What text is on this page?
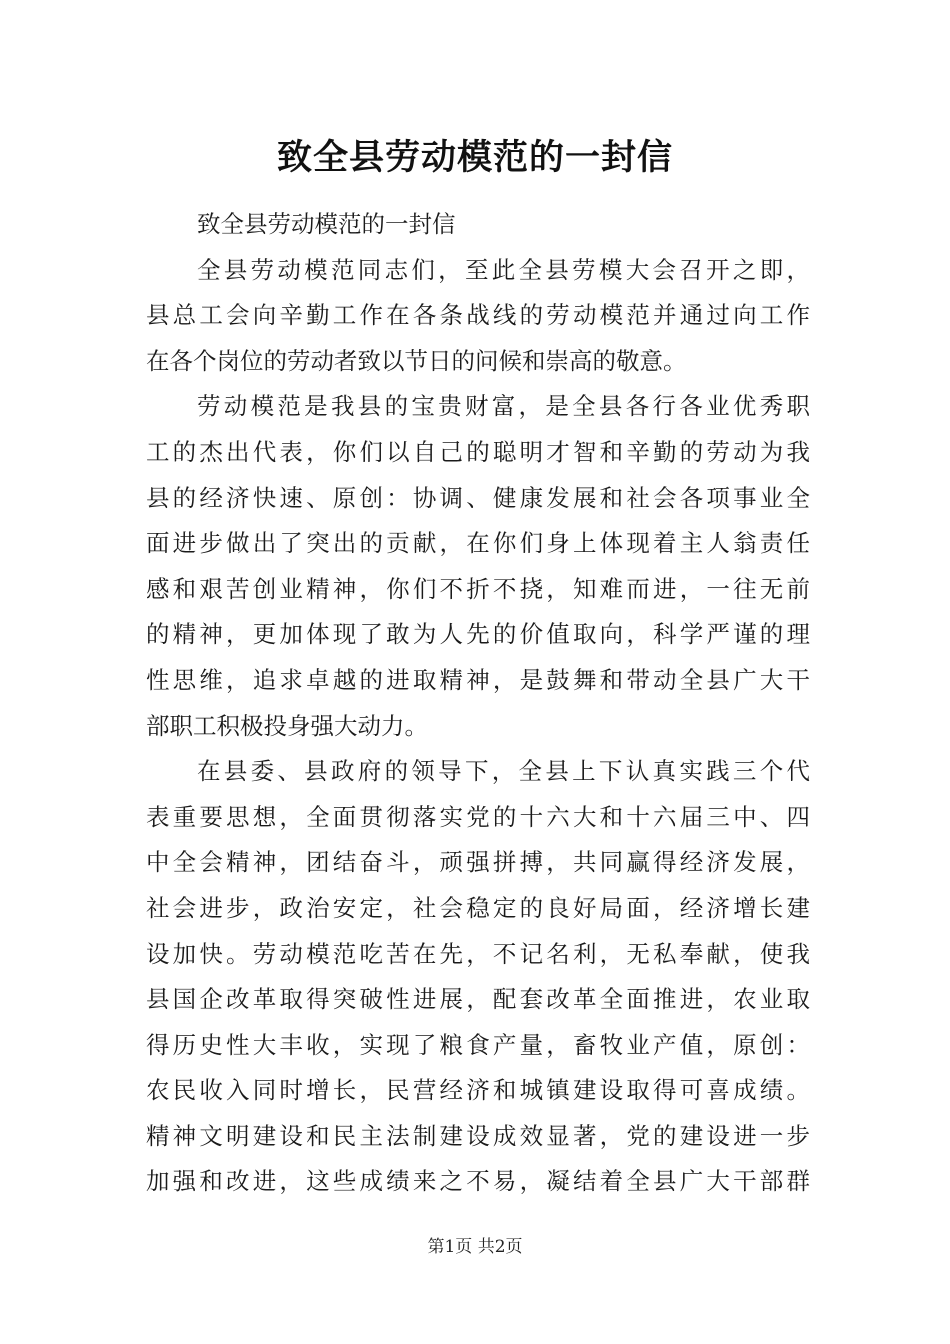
致全县劳动模范的一封信
致全县劳动模范的一封信
全县劳动模范同志们，至此全县劳模大会召开之即，
县总工会向辛勤工作在各条战线的劳动模范并通过向工作
在各个岗位的劳动者致以节日的问候和崇高的敬意。
劳动模范是我县的宝贵财富，是全县各行各业优秀职
工的杰出代表，你们以自己的聪明才智和辛勤的劳动为我
县的经济快速、原创：协调、健康发展和社会各项事业全
面进步做出了突出的贡献，在你们身上体现着主人翁责任
感和艰苦创业精神，你们不折不挠，知难而进，一往无前
的精神，更加体现了敢为人先的价值取向，科学严谨的理
性思维，追求卓越的进取精神，是鼓舞和带动全县广大干
部职工积极投身强大动力。
在县委、县政府的领导下，全县上下认真实践三个代
表重要思想，全面贯彻落实党的十六大和十六届三中、四
中全会精神，团结奋斗，顽强拼搏，共同赢得经济发展，
社会进步，政治安定，社会稳定的良好局面，经济增长建
设加快。劳动模范吃苦在先，不记名利，无私奉献，使我
县国企改革取得突破性进展，配套改革全面推进，农业取
得历史性大丰收，实现了粮食产量，畜牧业产值，原创：
农民收入同时增长，民营经济和城镇建设取得可喜成绩。
精神文明建设和民主法制建设成效显著，党的建设进一步
加强和改进，这些成绩来之不易，凝结着全县广大干部群
第1页 共2页
